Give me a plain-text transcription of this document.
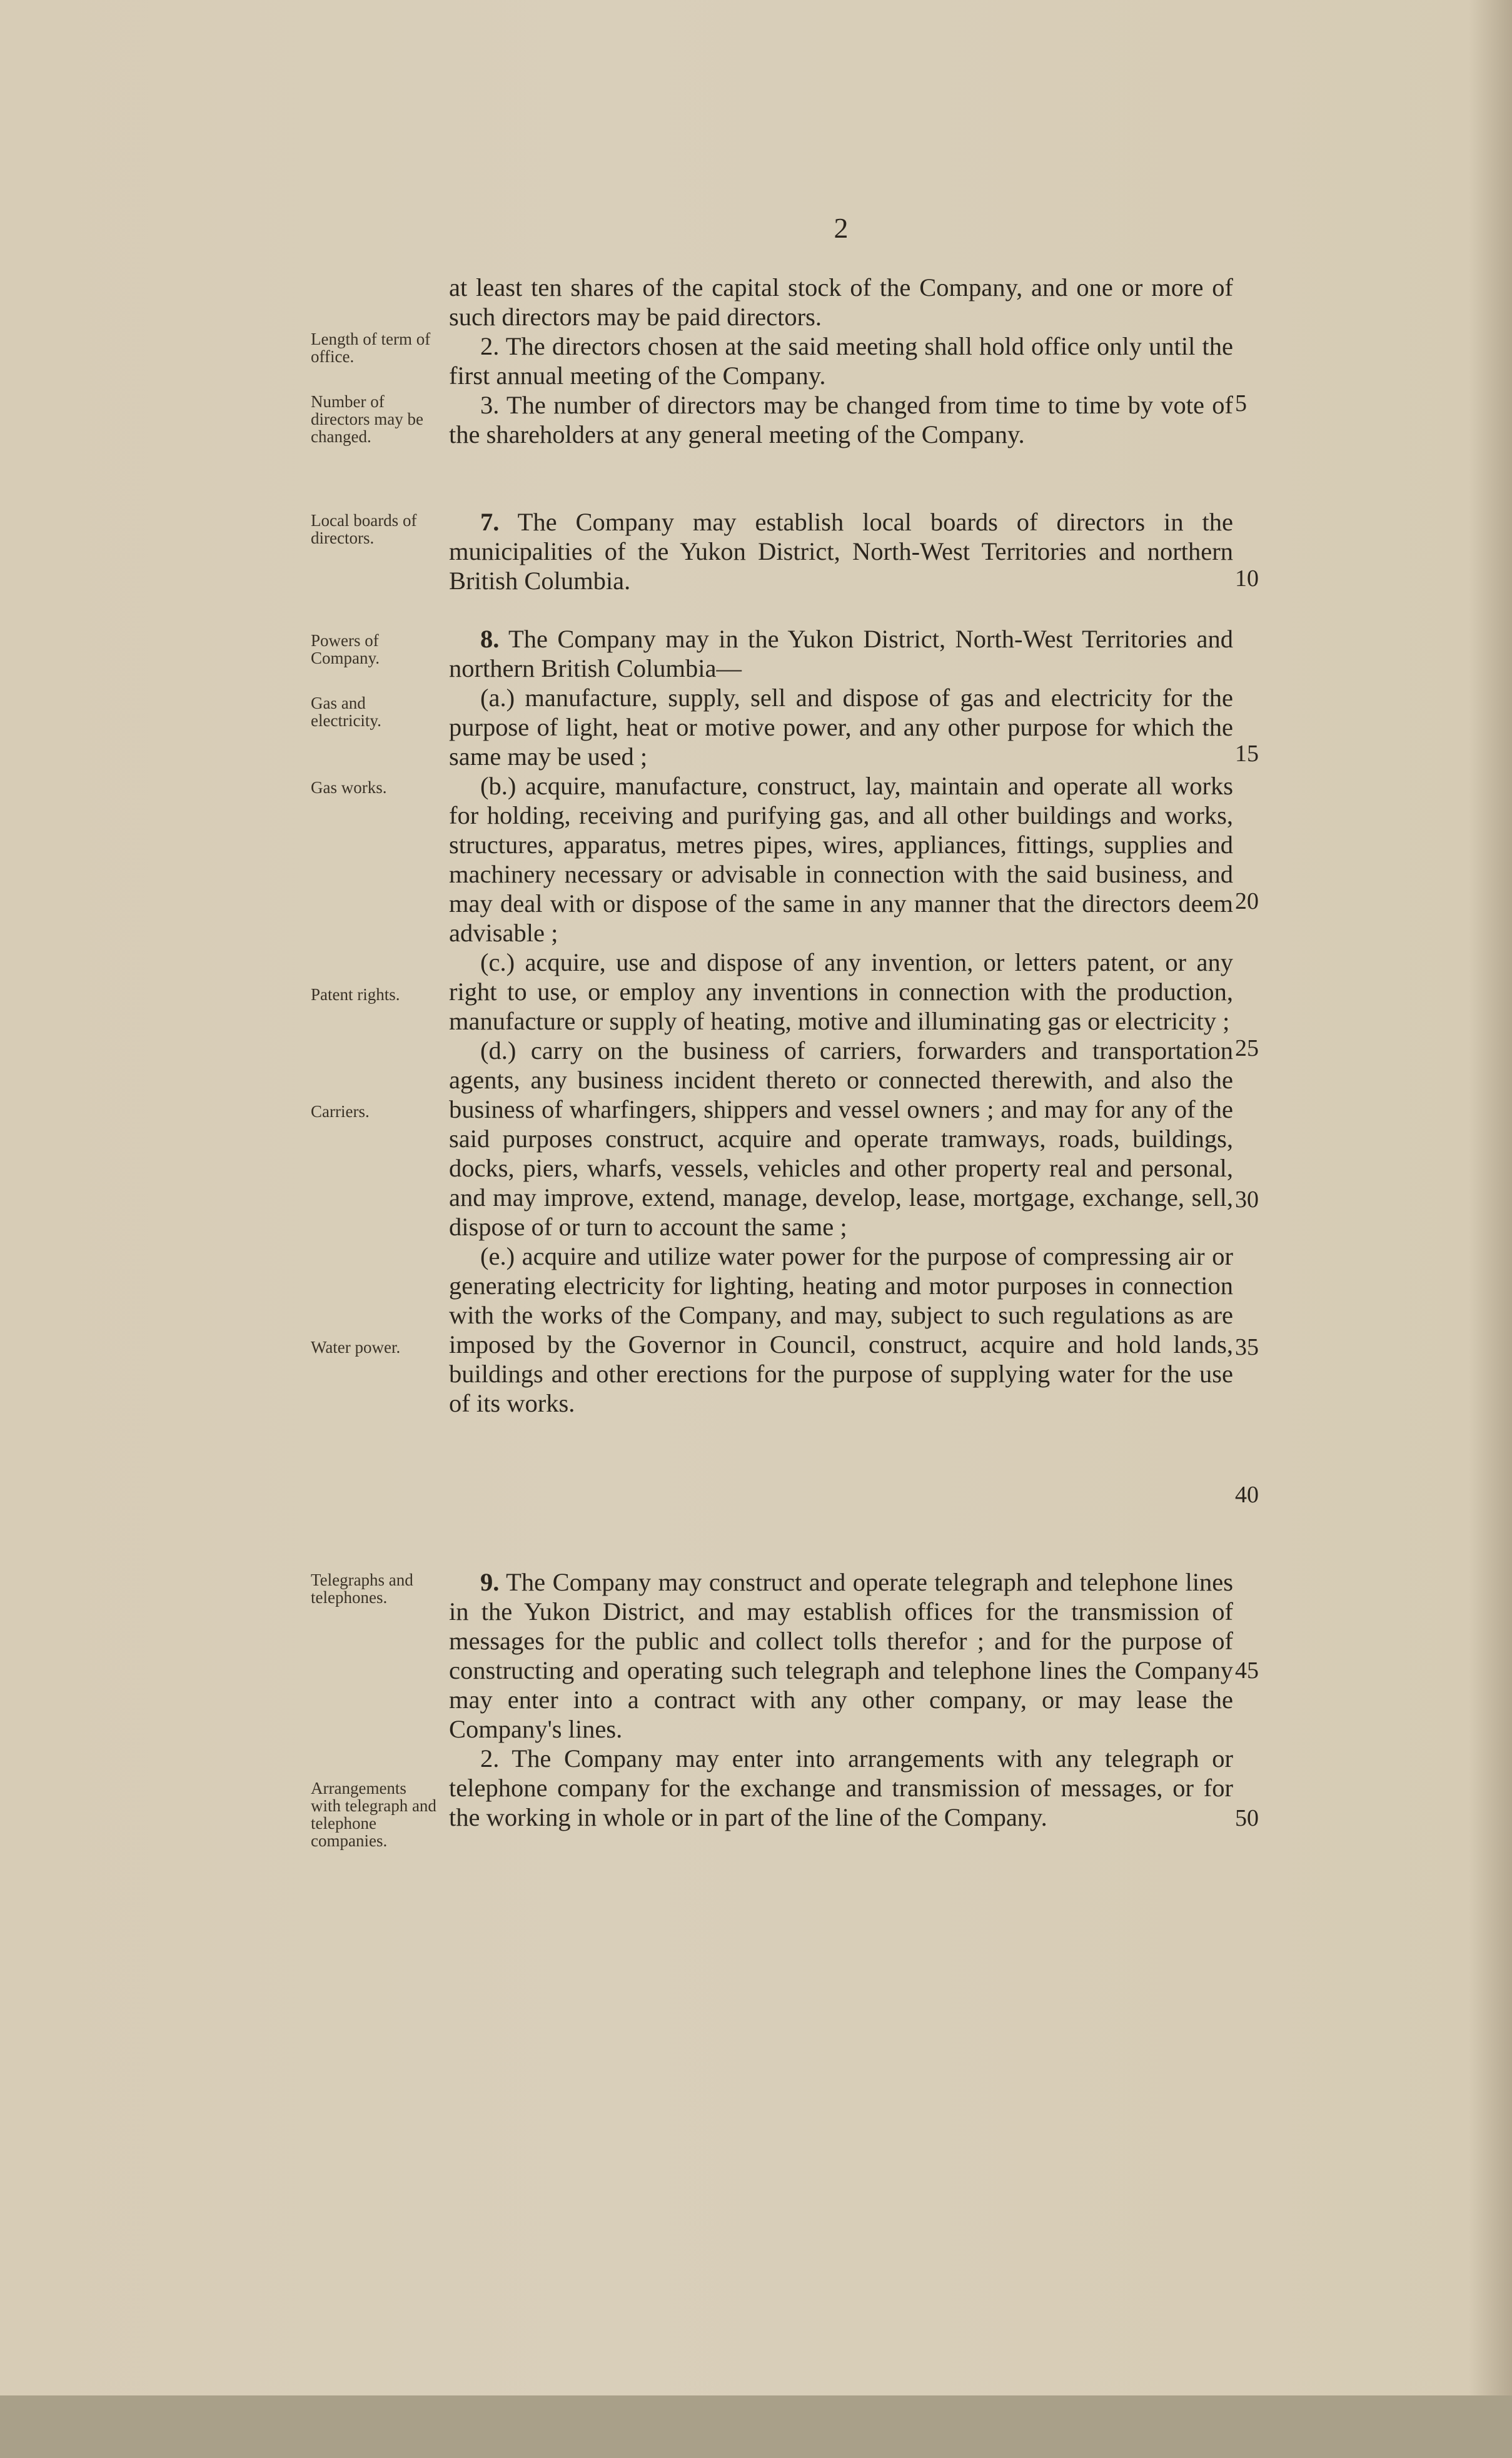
2

at least ten shares of the capital stock of the Company, and one or more of such directors may be paid directors.

2. The directors chosen at the said meeting shall hold office only until the first annual meeting of the Company.

3. The number of directors may be changed from time to time by vote of the shareholders at any general meeting of the Company.

7. The Company may establish local boards of directors in the municipalities of the Yukon District, North-West Territories and northern British Columbia.

8. The Company may in the Yukon District, North-West Territories and northern British Columbia—

(a.) manufacture, supply, sell and dispose of gas and electricity for the purpose of light, heat or motive power, and any other purpose for which the same may be used ;

(b.) acquire, manufacture, construct, lay, maintain and operate all works for holding, receiving and purifying gas, and all other buildings and works, structures, apparatus, metres pipes, wires, appliances, fittings, supplies and machinery necessary or advisable in connection with the said business, and may deal with or dispose of the same in any manner that the directors deem advisable ;

(c.) acquire, use and dispose of any invention, or letters patent, or any right to use, or employ any inventions in connection with the production, manufacture or supply of heating, motive and illuminating gas or electricity ;

(d.) carry on the business of carriers, forwarders and transportation agents, any business incident thereto or connected therewith, and also the business of wharfingers, shippers and vessel owners ; and may for any of the said purposes construct, acquire and operate tramways, roads, buildings, docks, piers, wharfs, vessels, vehicles and other property real and personal, and may improve, extend, manage, develop, lease, mortgage, exchange, sell, dispose of or turn to account the same ;

(e.) acquire and utilize water power for the purpose of compressing air or generating electricity for lighting, heating and motor purposes in connection with the works of the Company, and may, subject to such regulations as are imposed by the Governor in Council, construct, acquire and hold lands, buildings and other erections for the purpose of supplying water for the use of its works.

9. The Company may construct and operate telegraph and telephone lines in the Yukon District, and may establish offices for the transmission of messages for the public and collect tolls therefor ; and for the purpose of constructing and operating such telegraph and telephone lines the Company may enter into a contract with any other company, or may lease the Company's lines.

2. The Company may enter into arrangements with any telegraph or telephone company for the exchange and transmission of messages, or for the working in whole or in part of the line of the Company.

Length of term of office.
Number of directors may be changed.
Local boards of directors.
Powers of Company.
Gas and electricity.
Gas works.
Patent rights.
Carriers.
Water power.
Telegraphs and telephones.
Arrangements with telegraph and telephone companies.
5
10
15
20
25
30
35
40
45
50
